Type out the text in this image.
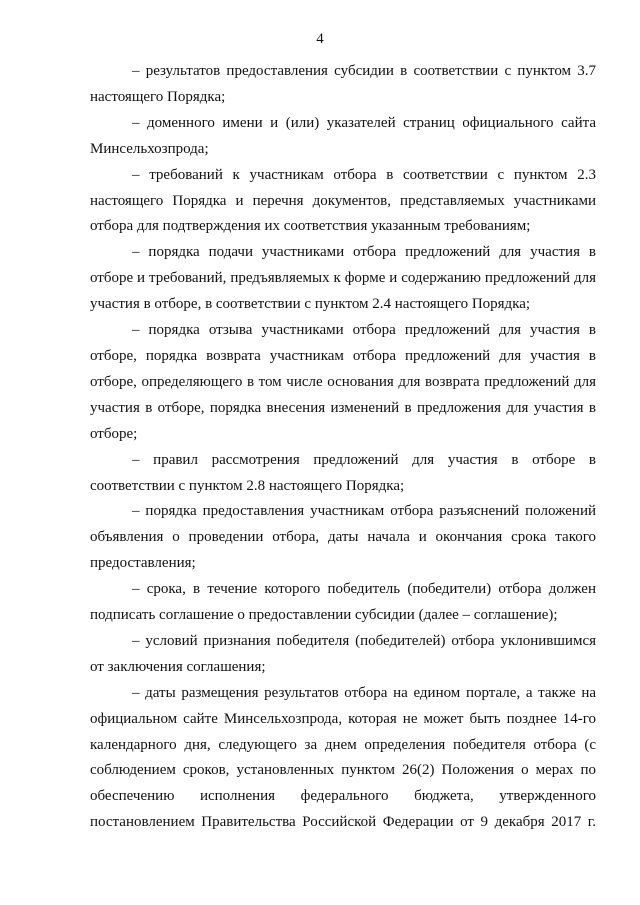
4

– результатов предоставления субсидии в соответствии с пунктом 3.7 настоящего Порядка;

– доменного имени и (или) указателей страниц официального сайта Минсельхозпрода;

– требований к участникам отбора в соответствии с пунктом 2.3 настоящего Порядка и перечня документов, представляемых участниками отбора для подтверждения их соответствия указанным требованиям;

– порядка подачи участниками отбора предложений для участия в отборе и требований, предъявляемых к форме и содержанию предложений для участия в отборе, в соответствии с пунктом 2.4 настоящего Порядка;

– порядка отзыва участниками отбора предложений для участия в отборе, порядка возврата участникам отбора предложений для участия в отборе, определяющего в том числе основания для возврата предложений для участия в отборе, порядка внесения изменений в предложения для участия в отборе;

– правил рассмотрения предложений для участия в отборе в соответствии с пунктом 2.8 настоящего Порядка;

– порядка предоставления участникам отбора разъяснений положений объявления о проведении отбора, даты начала и окончания срока такого предоставления;

– срока, в течение которого победитель (победители) отбора должен подписать соглашение о предоставлении субсидии (далее – соглашение);

– условий признания победителя (победителей) отбора уклонившимся от заключения соглашения;

– даты размещения результатов отбора на едином портале, а также на официальном сайте Минсельхозпрода, которая не может быть позднее 14-го календарного дня, следующего за днем определения победителя отбора (с соблюдением сроков, установленных пунктом 26(2) Положения о мерах по обеспечению исполнения федерального бюджета, утвержденного постановлением Правительства Российской Федерации от 9 декабря 2017 г.
